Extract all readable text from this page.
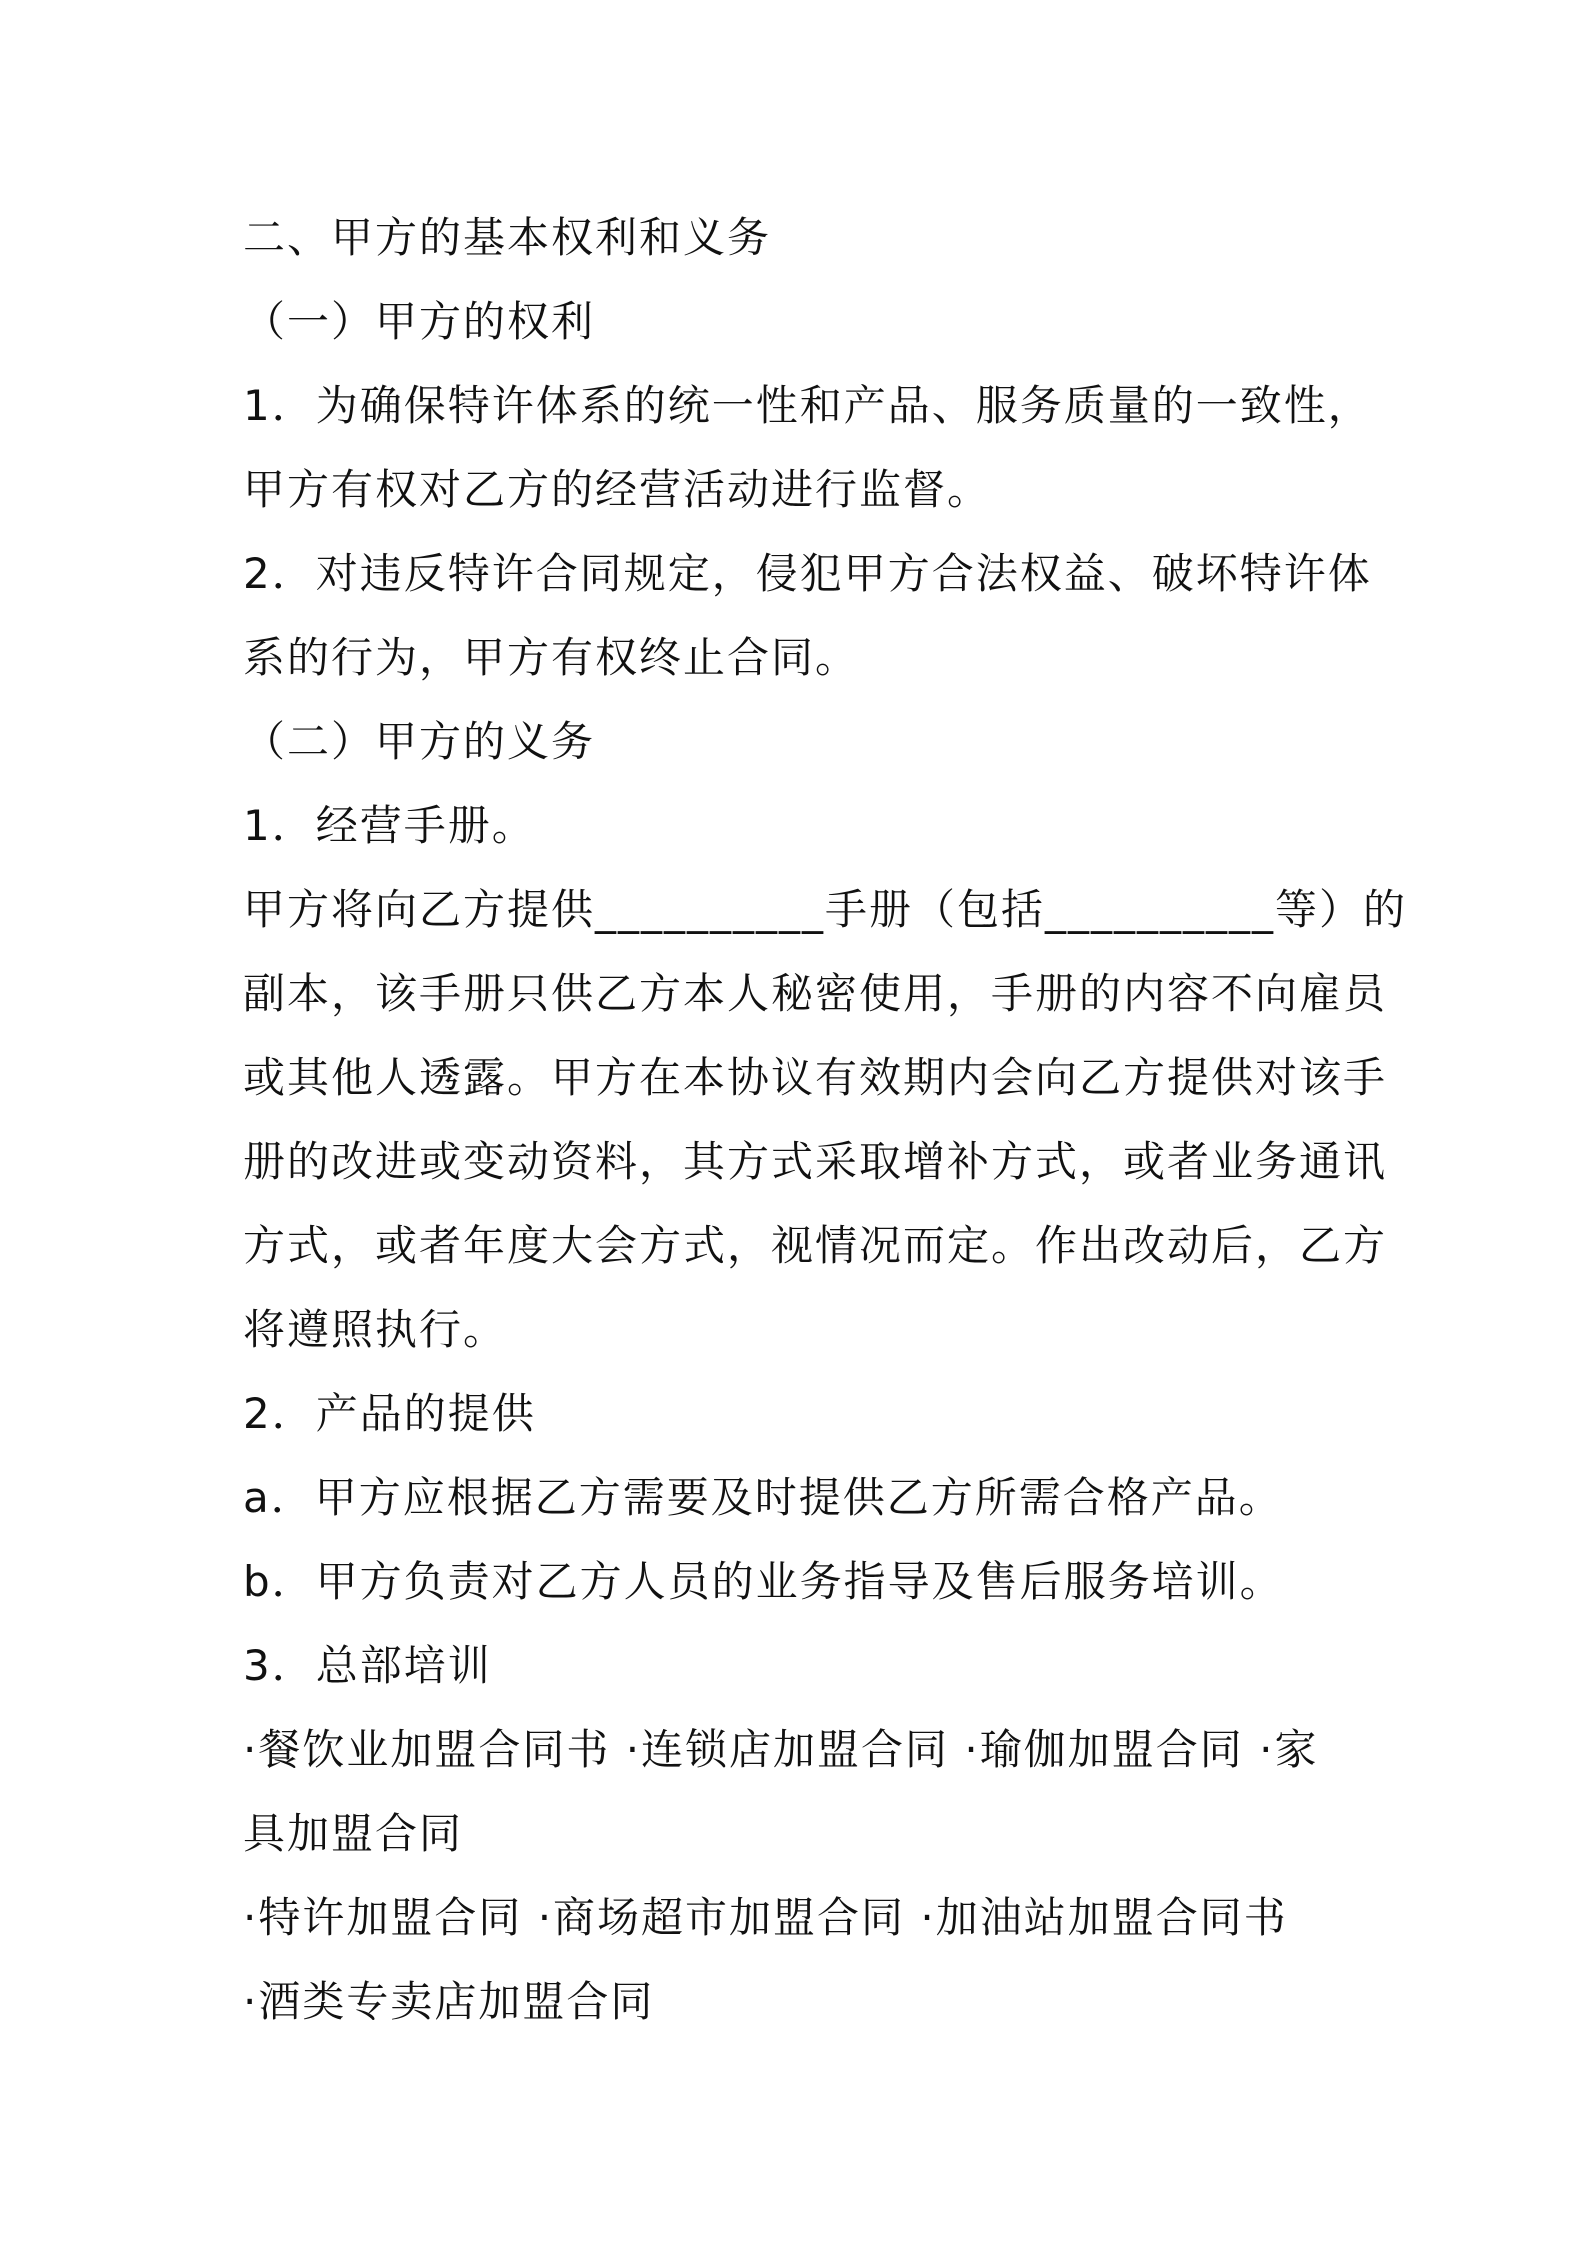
二、甲方的基本权利和义务
（一）甲方的权利
1．为确保特许体系的统一性和产品、服务质量的一致性，
甲方有权对乙方的经营活动进行监督。
2．对违反特许合同规定，侵犯甲方合法权益、破坏特许体
系的行为，甲方有权终止合同。
（二）甲方的义务
1．经营手册。
甲方将向乙方提供__________手册（包括__________等）的
副本，该手册只供乙方本人秘密使用，手册的内容不向雇员
或其他人透露。甲方在本协议有效期内会向乙方提供对该手
册的改进或变动资料，其方式采取增补方式，或者业务通讯
方式，或者年度大会方式，视情况而定。作出改动后，乙方
将遵照执行。
2．产品的提供
a．甲方应根据乙方需要及时提供乙方所需合格产品。
b．甲方负责对乙方人员的业务指导及售后服务培训。
3．总部培训
·餐饮业加盟合同书 ·连锁店加盟合同 ·瑜伽加盟合同 ·家
具加盟合同
·特许加盟合同 ·商场超市加盟合同 ·加油站加盟合同书
·酒类专卖店加盟合同
